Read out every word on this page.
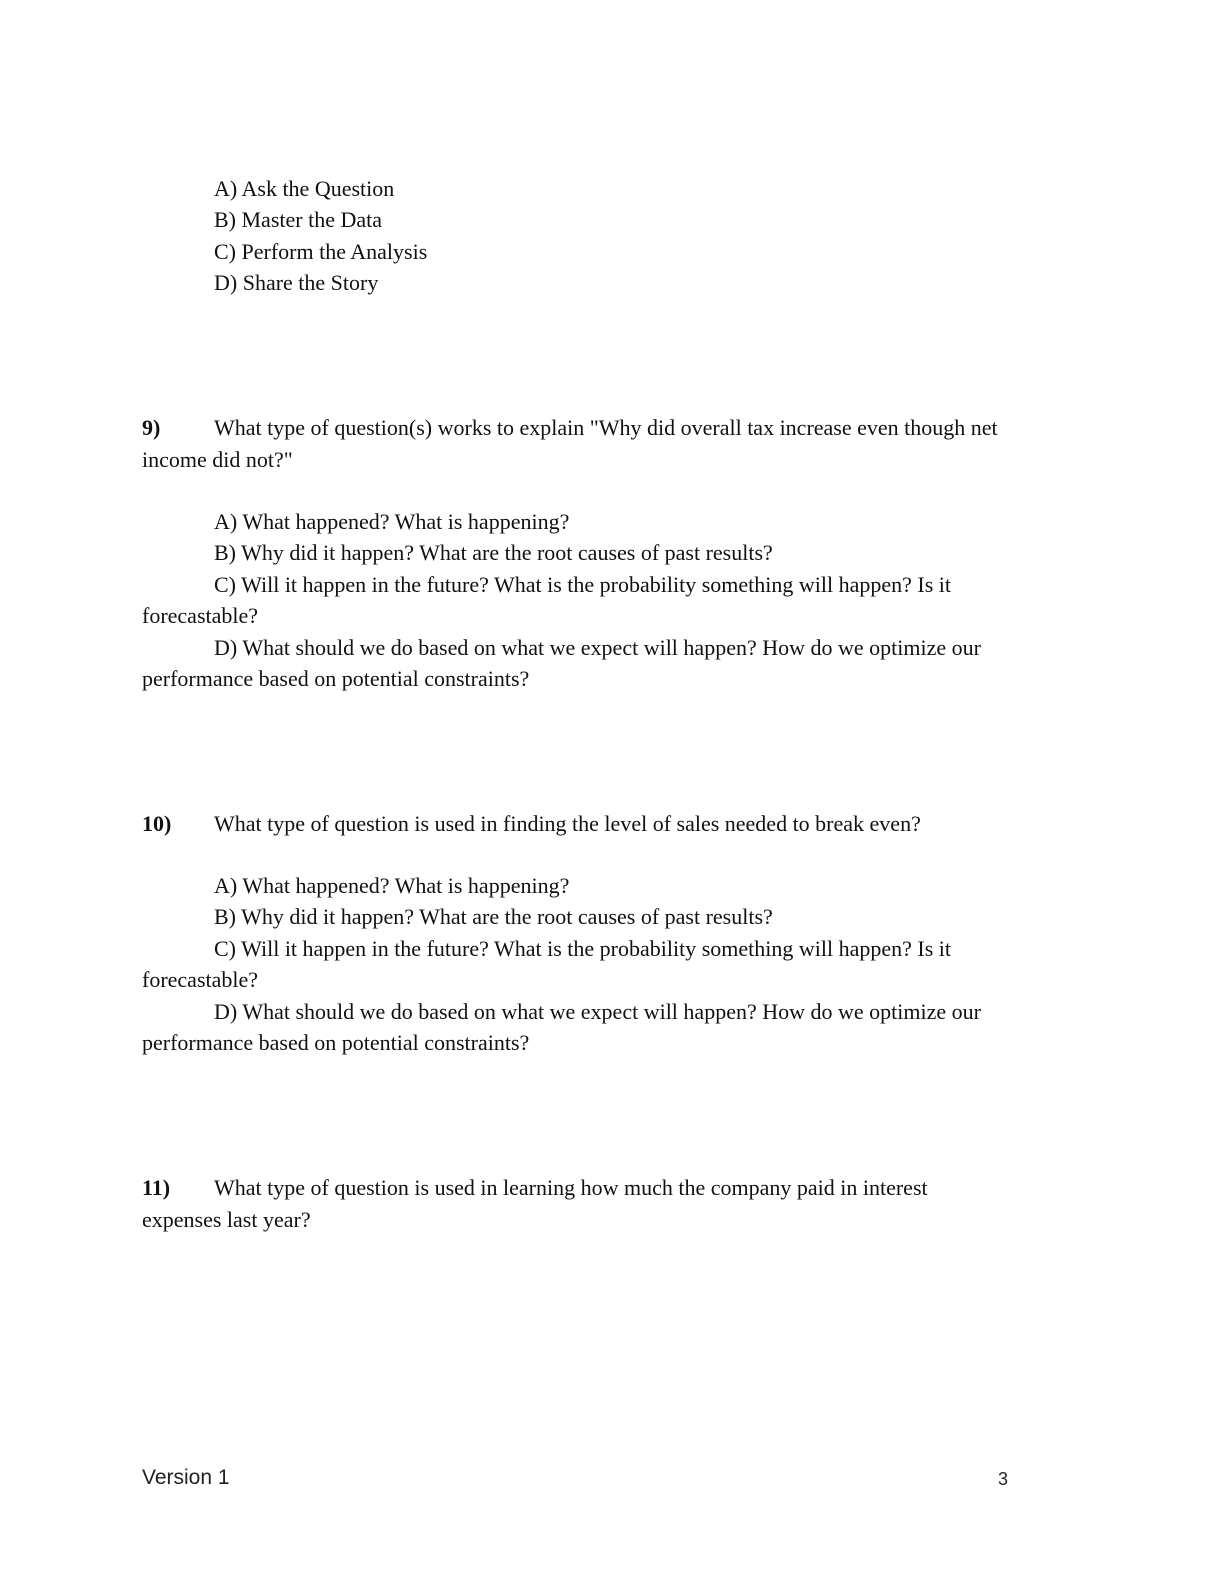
A) Ask the Question
B) Master the Data
C) Perform the Analysis
D) Share the Story
9) What type of question(s) works to explain "Why did overall tax increase even though net
income did not?"
A) What happened? What is happening?
B) Why did it happen? What are the root causes of past results?
C) Will it happen in the future? What is the probability something will happen? Is it
forecastable?
D) What should we do based on what we expect will happen? How do we optimize our
performance based on potential constraints?
10) What type of question is used in finding the level of sales needed to break even?
A) What happened? What is happening?
B) Why did it happen? What are the root causes of past results?
C) Will it happen in the future? What is the probability something will happen? Is it
forecastable?
D) What should we do based on what we expect will happen? How do we optimize our
performance based on potential constraints?
11) What type of question is used in learning how much the company paid in interest
expenses last year?
Version 1	3
